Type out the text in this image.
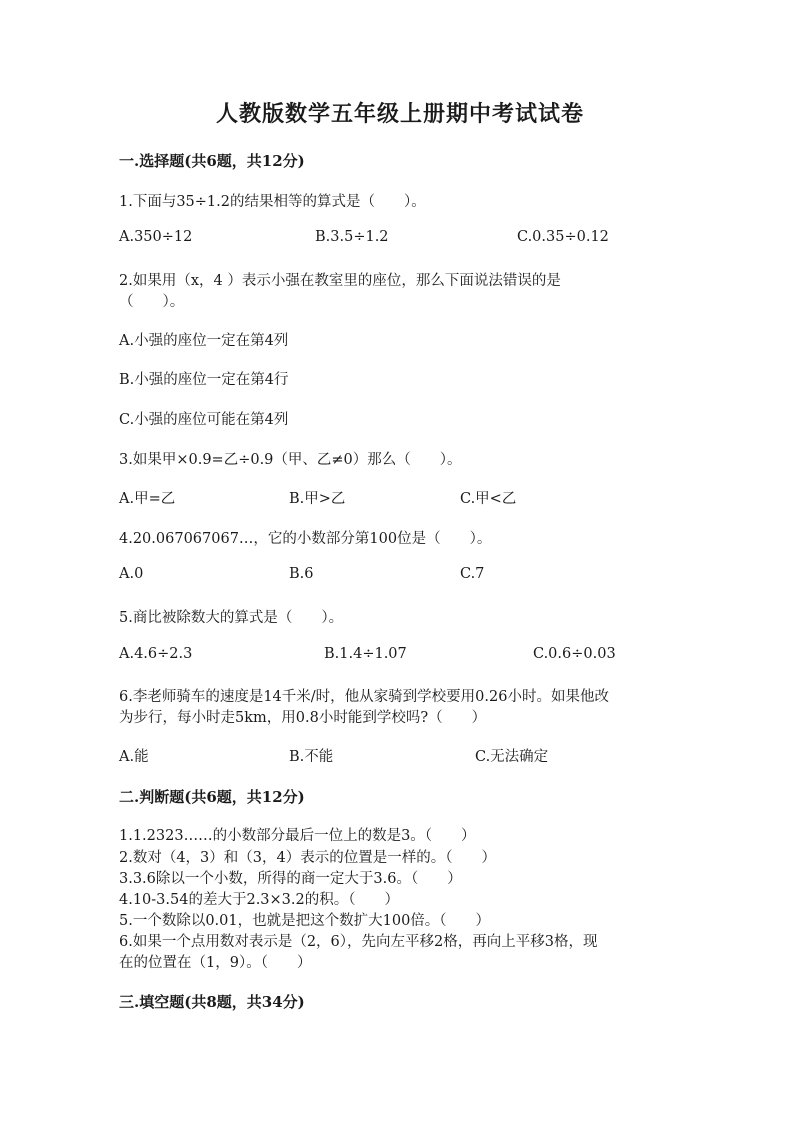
人教版数学五年级上册期中考试试卷
一.选择题(共6题，共12分)
1.下面与35÷1.2的结果相等的算式是（　　）。
A.350÷12	B.3.5÷1.2	C.0.35÷0.12
2.如果用（x，4 ）表示小强在教室里的座位，那么下面说法错误的是
（　　）。
A.小强的座位一定在第4列
B.小强的座位一定在第4行
C.小强的座位可能在第4列
3.如果甲×0.9=乙÷0.9（甲、乙≠0）那么（　　）。
A.甲=乙	B.甲>乙	C.甲<乙
4.20.067067067…，它的小数部分第100位是（　　）。
A.0	B.6	C.7
5.商比被除数大的算式是（　　）。
A.4.6÷2.3	B.1.4÷1.07	C.0.6÷0.03
6.李老师骑车的速度是14千米/时，他从家骑到学校要用0.26小时。如果他改
为步行，每小时走5km，用0.8小时能到学校吗?（　　）
A.能	B.不能	C.无法确定
二.判断题(共6题，共12分)
1.1.2323……的小数部分最后一位上的数是3。（　　）
2.数对（4，3）和（3，4）表示的位置是一样的。（　　）
3.3.6除以一个小数，所得的商一定大于3.6。（　　）
4.10-3.54的差大于2.3×3.2的积。（　　）
5.一个数除以0.01，也就是把这个数扩大100倍。（　　）
6.如果一个点用数对表示是（2，6），先向左平移2格，再向上平移3格，现
在的位置在（1，9）。（　　）
三.填空题(共8题，共34分)
